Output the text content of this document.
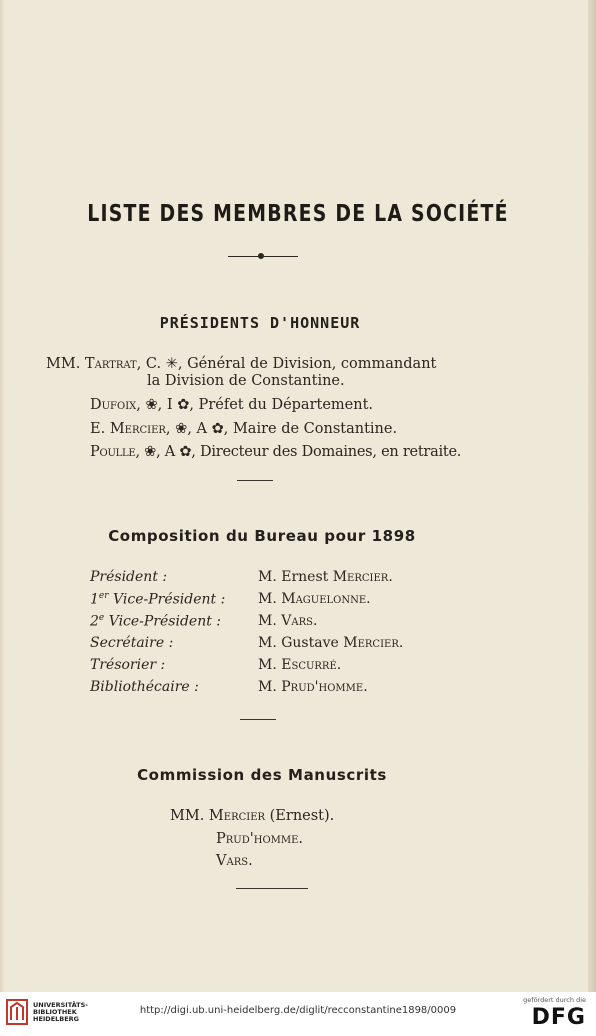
LISTE DES MEMBRES DE LA SOCIÉTÉ
PRÉSIDENTS D'HONNEUR
MM. Tartrat, C. ✳, Général de Division, commandant
la Division de Constantine.
Dufoix, ❀, I ✿, Préfet du Département.
E. Mercier, ❀, A ✿, Maire de Constantine.
Poulle, ❀, A ✿, Directeur des Domaines, en retraite.
Composition du Bureau pour 1898
Président :	M. Ernest Mercier.
1er Vice-Président : M. Maguelonne.
2e Vice-Président :	M. Vars.
Secrétaire :	M. Gustave Mercier.
Trésorier :	M. Escurré.
Bibliothécaire :	M. Prud'homme.
Commission des Manuscrits
MM. Mercier (Ernest).
Prud'homme.
Vars.
UNIVERSITÄTS-
BIBLIOTHEK
HEIDELBERG
http://digi.ub.uni-heidelberg.de/diglit/recconstantine1898/0009
gefördert durch die
DFG
